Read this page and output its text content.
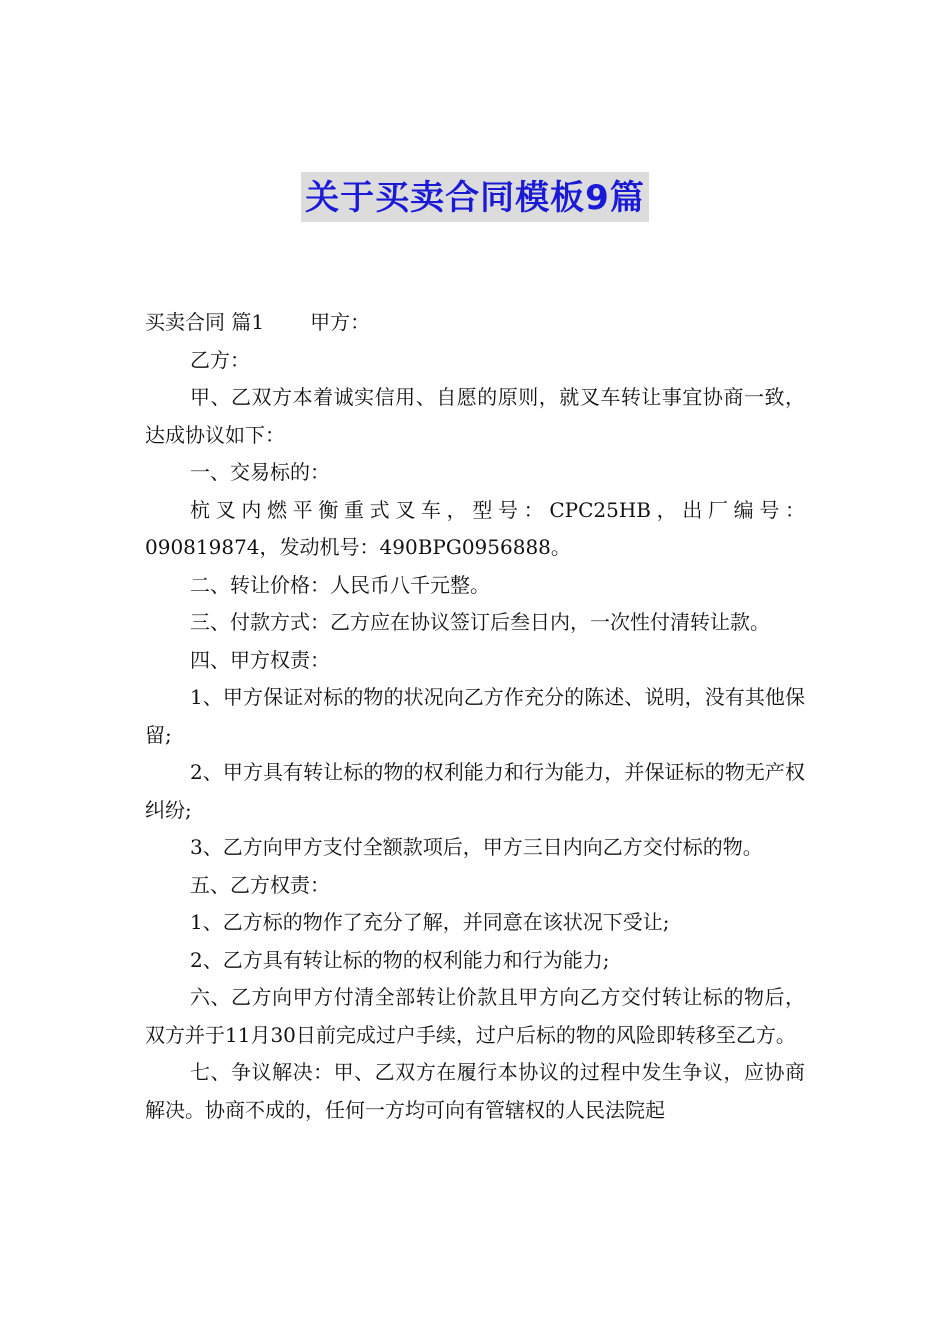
关于买卖合同模板9篇

买卖合同 篇1 甲方：

乙方：

甲、乙双方本着诚实信用、自愿的原则，就叉车转让事宜协商一致，达成协议如下：

一、交易标的：

杭叉内燃平衡重式叉车，型号：CPC25HB，出厂编号：

090819874，发动机号：490BPG0956888。

二、转让价格：人民币八千元整。

三、付款方式：乙方应在协议签订后叁日内，一次性付清转让款。

四、甲方权责：

1、甲方保证对标的物的状况向乙方作充分的陈述、说明，没有其他保留;

2、甲方具有转让标的物的权利能力和行为能力，并保证标的物无产权纠纷;

3、乙方向甲方支付全额款项后，甲方三日内向乙方交付标的物。

五、乙方权责：

1、乙方标的物作了充分了解，并同意在该状况下受让;

2、乙方具有转让标的物的权利能力和行为能力;

六、乙方向甲方付清全部转让价款且甲方向乙方交付转让标的物后，双方并于11月30日前完成过户手续，过户后标的物的风险即转移至乙方。

七、争议解决：甲、乙双方在履行本协议的过程中发生争议，应协商解决。协商不成的，任何一方均可向有管辖权的人民法院起
